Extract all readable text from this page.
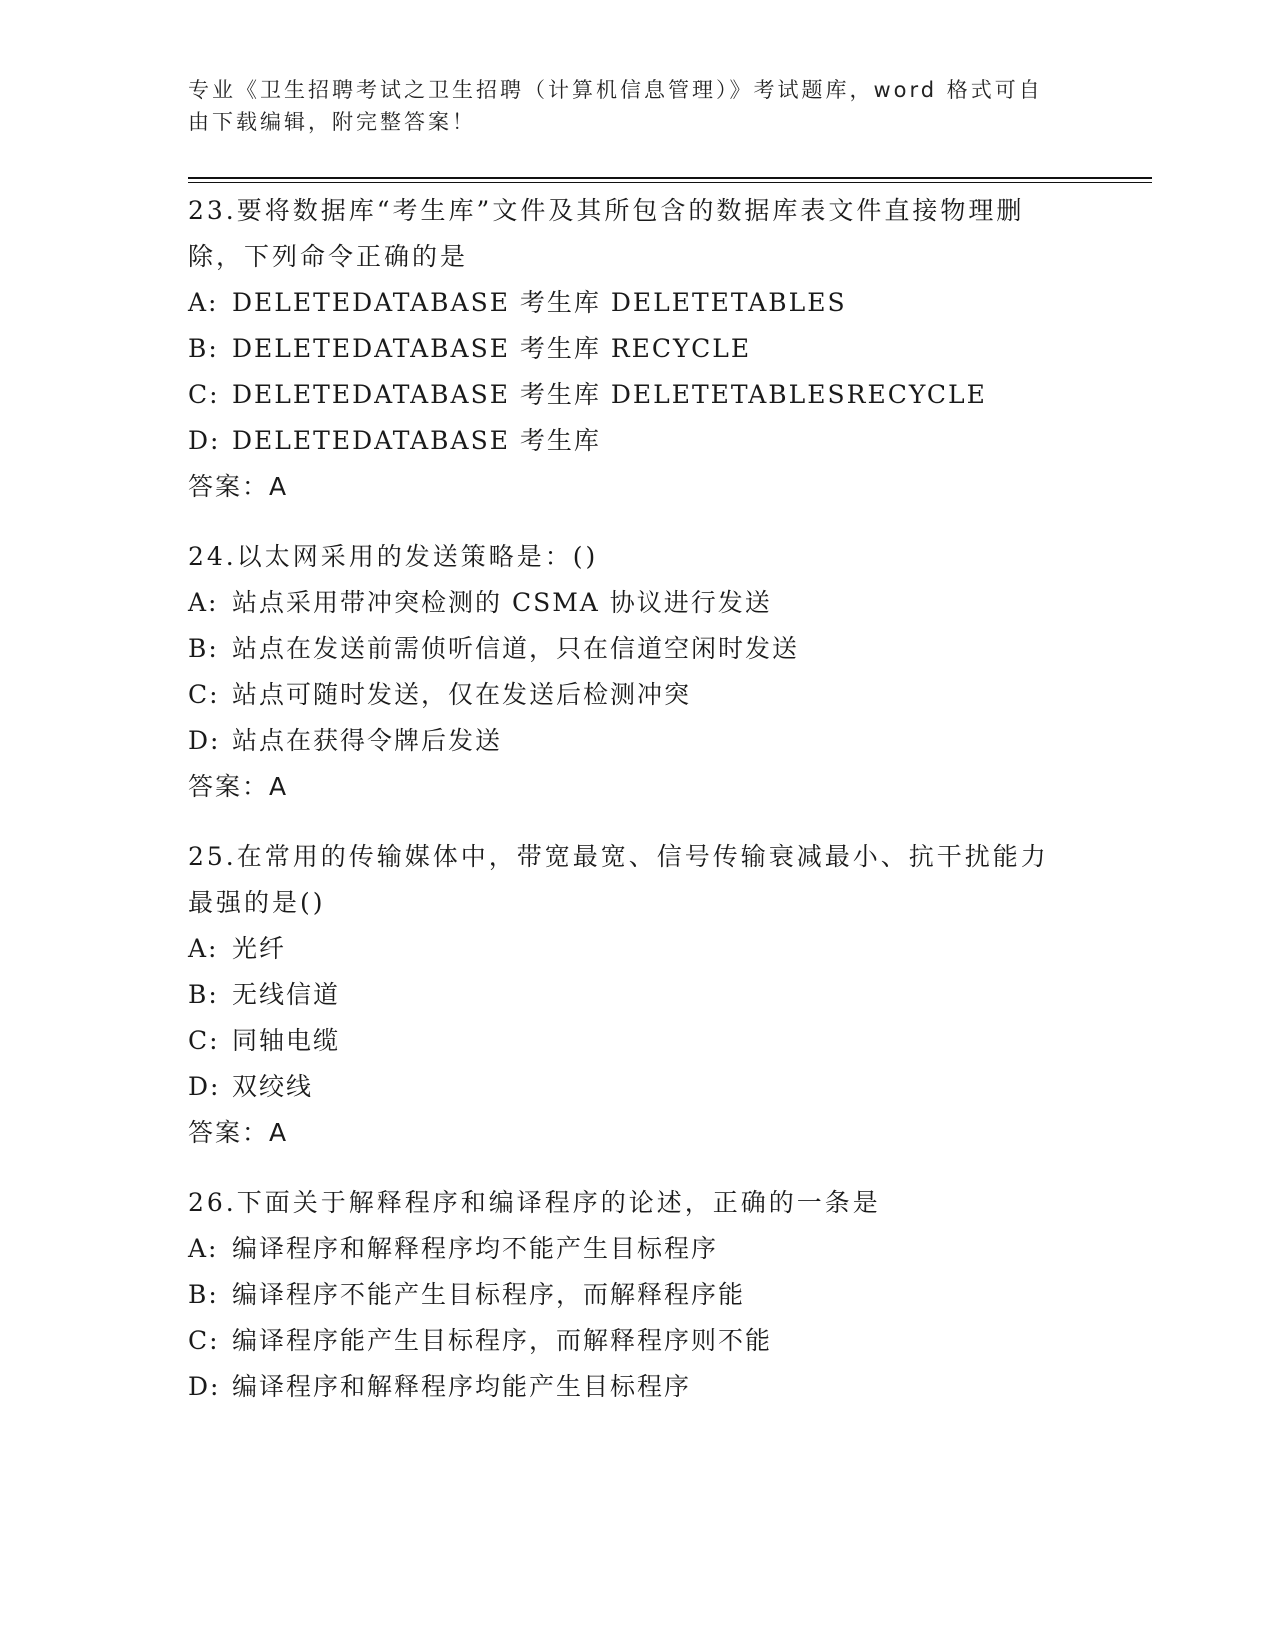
专业《卫生招聘考试之卫生招聘（计算机信息管理）》考试题库，word 格式可自
由下载编辑，附完整答案！

23.要将数据库“考生库”文件及其所包含的数据库表文件直接物理删

除，下列命令正确的是

A: DELETEDATABASE 考生库 DELETETABLES

B: DELETEDATABASE 考生库 RECYCLE

C: DELETEDATABASE 考生库 DELETETABLESRECYCLE

D: DELETEDATABASE 考生库

答案：A

24.以太网采用的发送策略是：()

A: 站点采用带冲突检测的 CSMA 协议进行发送

B: 站点在发送前需侦听信道，只在信道空闲时发送

C: 站点可随时发送，仅在发送后检测冲突

D: 站点在获得令牌后发送

答案：A

25.在常用的传输媒体中，带宽最宽、信号传输衰减最小、抗干扰能力

最强的是()

A: 光纤

B: 无线信道

C: 同轴电缆

D: 双绞线

答案：A

26.下面关于解释程序和编译程序的论述，正确的一条是

A: 编译程序和解释程序均不能产生目标程序

B: 编译程序不能产生目标程序，而解释程序能

C: 编译程序能产生目标程序，而解释程序则不能

D: 编译程序和解释程序均能产生目标程序
